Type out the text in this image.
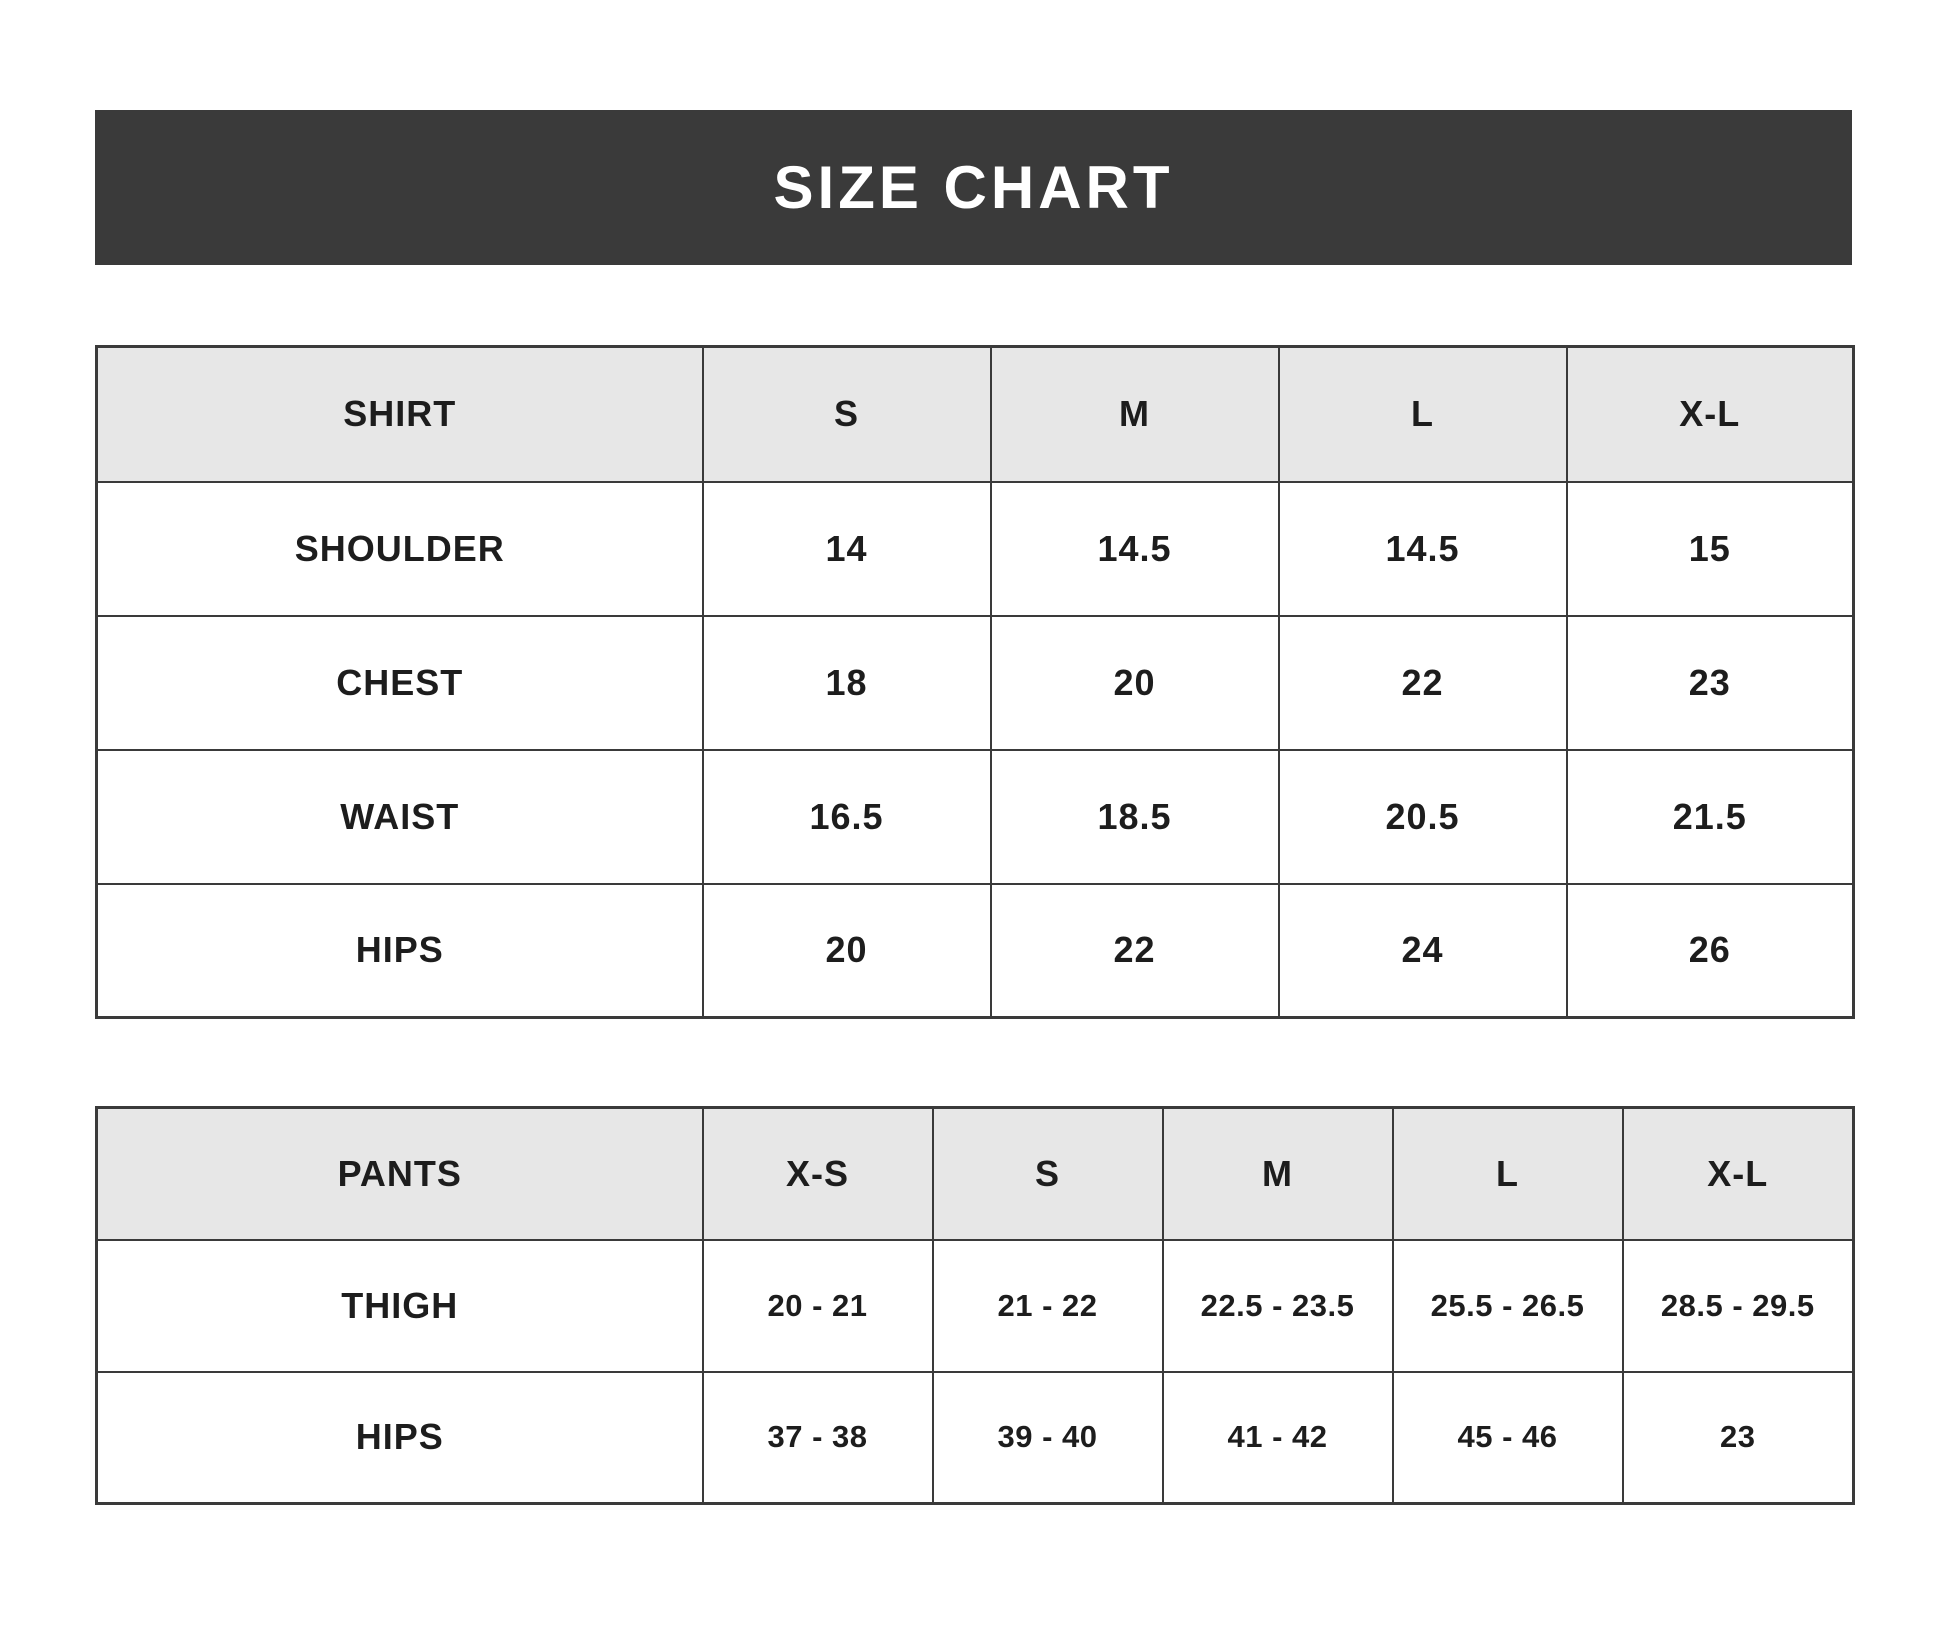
SIZE CHART
SHIRT	S	M	L	X-L
SHOULDER	14	14.5	14.5	15
CHEST	18	20	22	23
WAIST	16.5	18.5	20.5	21.5
HIPS	20	22	24	26
PANTS	X-S	S	M	L	X-L
THIGH	20 - 21	21 - 22	22.5 - 23.5	25.5 - 26.5	28.5 - 29.5
HIPS	37 - 38	39 - 40	41 - 42	45 - 46	23
